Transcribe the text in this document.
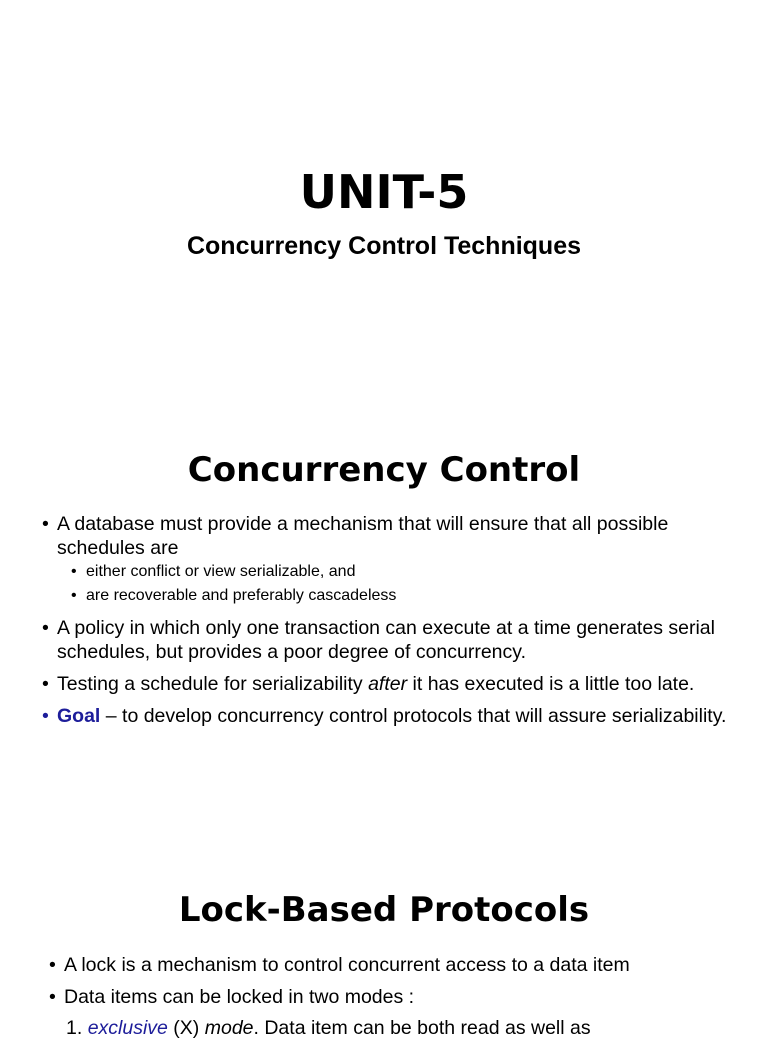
UNIT-5
Concurrency Control Techniques
Concurrency Control
• A database must provide a mechanism that will ensure that all possible schedules are
• either conflict or view serializable, and
• are recoverable and preferably cascadeless
• A policy in which only one transaction can execute at a time generates serial schedules, but provides a poor degree of concurrency.
• Testing a schedule for serializability after it has executed is a little too late.
• Goal – to develop concurrency control protocols that will assure serializability.
Lock-Based Protocols
• A lock is a mechanism to control concurrent access to a data item
• Data items can be locked in two modes :
1. exclusive (X) mode. Data item can be both read as well as
